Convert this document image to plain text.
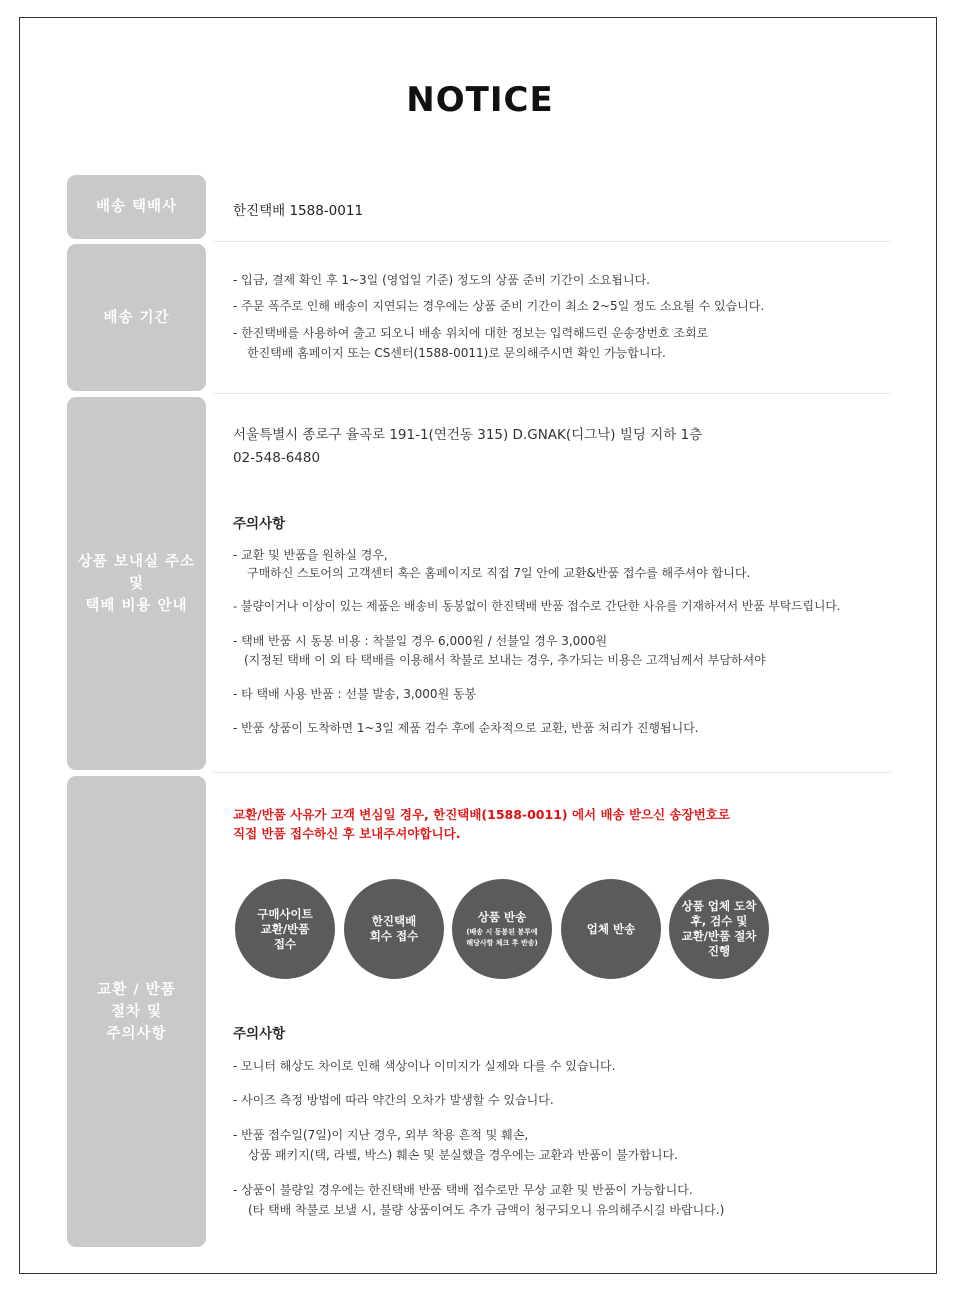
NOTICE
배송 택배사	한진택배 1588-0011
배송 기간
- 입금, 결제 확인 후 1~3일 (영업일 기준) 정도의 상품 준비 기간이 소요됩니다.
- 주문 폭주로 인해 배송이 지연되는 경우에는 상품 준비 기간이 최소 2~5일 정도 소요될 수 있습니다.
- 한진택배를 사용하여 출고 되오니 배송 위치에 대한 정보는 입력해드린 운송장번호 조회로
한진택배 홈페이지 또는 CS센터(1588-0011)로 문의해주시면 확인 가능합니다.
상품 보내실 주소
및
택배 비용 안내
서울특별시 종로구 율곡로 191-1(연건동 315) D.GNAK(디그낙) 빌딩 지하 1층
02-548-6480
주의사항
- 교환 및 반품을 원하실 경우,
구매하신 스토어의 고객센터 혹은 홈페이지로 직접 7일 안에 교환&반품 접수를 해주셔야 합니다.
- 불량이거나 이상이 있는 제품은 배송비 동봉없이 한진택배 반품 접수로 간단한 사유를 기재하셔서 반품 부탁드립니다.
- 택배 반품 시 동봉 비용 : 착불일 경우 6,000원 / 선불일 경우 3,000원
(지정된 택배 이 외 타 택배를 이용해서 착불로 보내는 경우, 추가되는 비용은 고객님께서 부담하셔야
- 타 택배 사용 반품 : 선불 발송, 3,000원 동봉
- 반품 상품이 도착하면 1~3일 제품 검수 후에 순차적으로 교환, 반품 처리가 진행됩니다.
교환 / 반품
절차 및
주의사항
교환/반품 사유가 고객 변심일 경우, 한진택배(1588-0011) 에서 배송 받으신 송장번호로
직접 반품 접수하신 후 보내주셔야합니다.
구매사이트
교환/반품
접수
한진택배
회수 접수
상품 반송
(배송 시 동봉된 봉투에
해당사항 체크 후 반송)
업체 반송
상품 업체 도착
후, 검수 및
교환/반품 절차
진행
주의사항
- 모니터 해상도 차이로 인해 색상이나 이미지가 실제와 다를 수 있습니다.
- 사이즈 측정 방법에 따라 약간의 오차가 발생할 수 있습니다.
- 반품 접수일(7일)이 지난 경우, 외부 착용 흔적 및 훼손,
상품 패키지(택, 라벨, 박스) 훼손 및 분실했을 경우에는 교환과 반품이 불가합니다.
- 상품이 불량일 경우에는 한진택배 반품 택배 접수로만 무상 교환 및 반품이 가능합니다.
(타 택배 착불로 보낼 시, 불량 상품이여도 추가 금액이 청구되오니 유의해주시길 바랍니다.)
